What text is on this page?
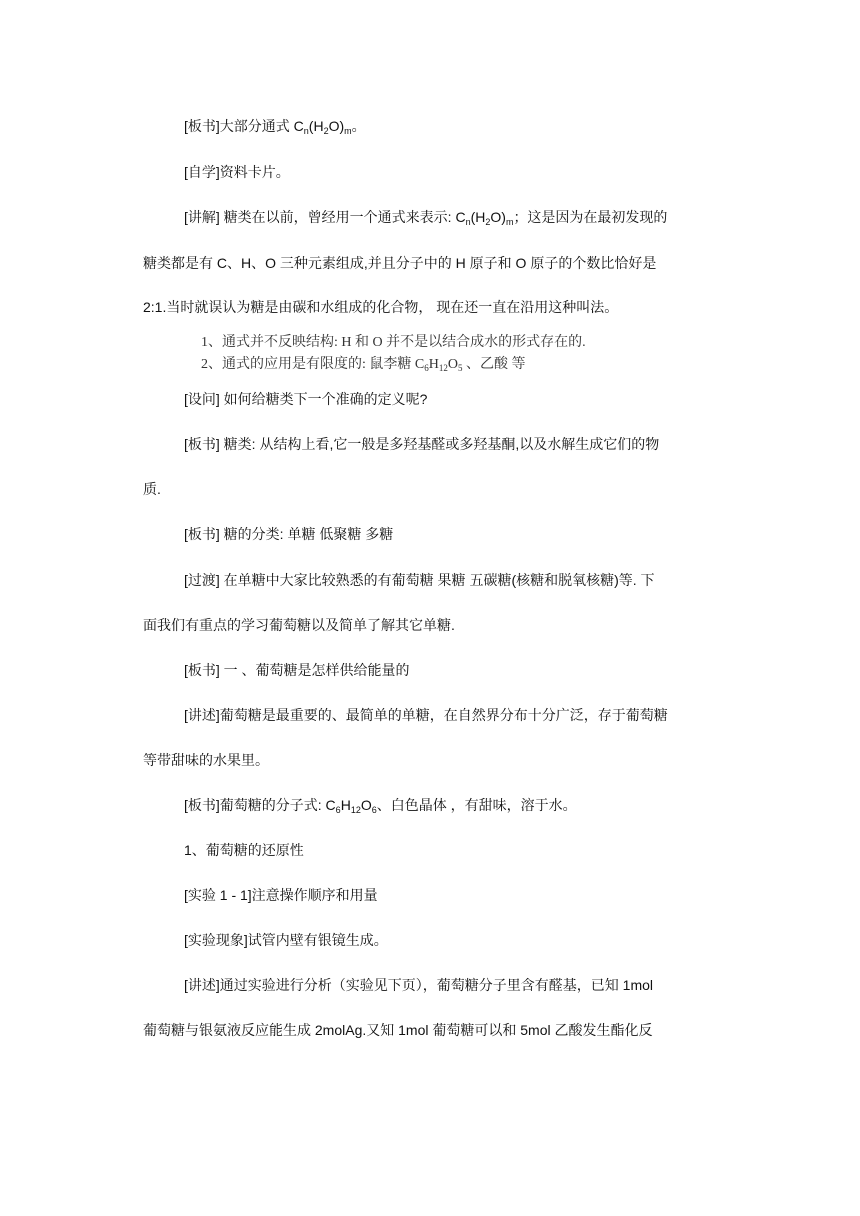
[板书]大部分通式 $C_n(H_2O)_m$。
[自学]资料卡片。
[讲解] 糖类在以前，曾经用一个通式来表示: $C_n(H_2O)_m$；这是因为在最初发现的
糖类都是有 C、H、O 三种元素组成,并且分子中的 H 原子和 O 原子的个数比恰好是
2:1.当时就误认为糖是由碳和水组成的化合物， 现在还一直在沿用这种叫法。
1、通式并不反映结构: H 和 O 并不是以结合成水的形式存在的.
2、通式的应用是有限度的: 鼠李糖 $C_6H_{12}O_5$ 、乙酸 等
[设问] 如何给糖类下一个准确的定义呢?
[板书] 糖类: 从结构上看,它一般是多羟基醛或多羟基酮,以及水解生成它们的物
质.
[板书] 糖的分类: 单糖 低聚糖 多糖
[过渡] 在单糖中大家比较熟悉的有葡萄糖 果糖 五碳糖(核糖和脱氧核糖)等. 下
面我们有重点的学习葡萄糖以及简单了解其它单糖.
[板书] 一 、葡萄糖是怎样供给能量的
[讲述]葡萄糖是最重要的、最简单的单糖，在自然界分布十分广泛，存于葡萄糖
等带甜味的水果里。
[板书]葡萄糖的分子式: $C_6H_{12}O_6$、白色晶体 ，有甜味，溶于水。
1、葡萄糖的还原性
[实验 1 - 1]注意操作顺序和用量
[实验现象]试管内壁有银镜生成。
[讲述]通过实验进行分析（实验见下页），葡萄糖分子里含有醛基，已知 1mol
葡萄糖与银氨液反应能生成 2molAg.又知 1mol 葡萄糖可以和 5mol 乙酸发生酯化反
